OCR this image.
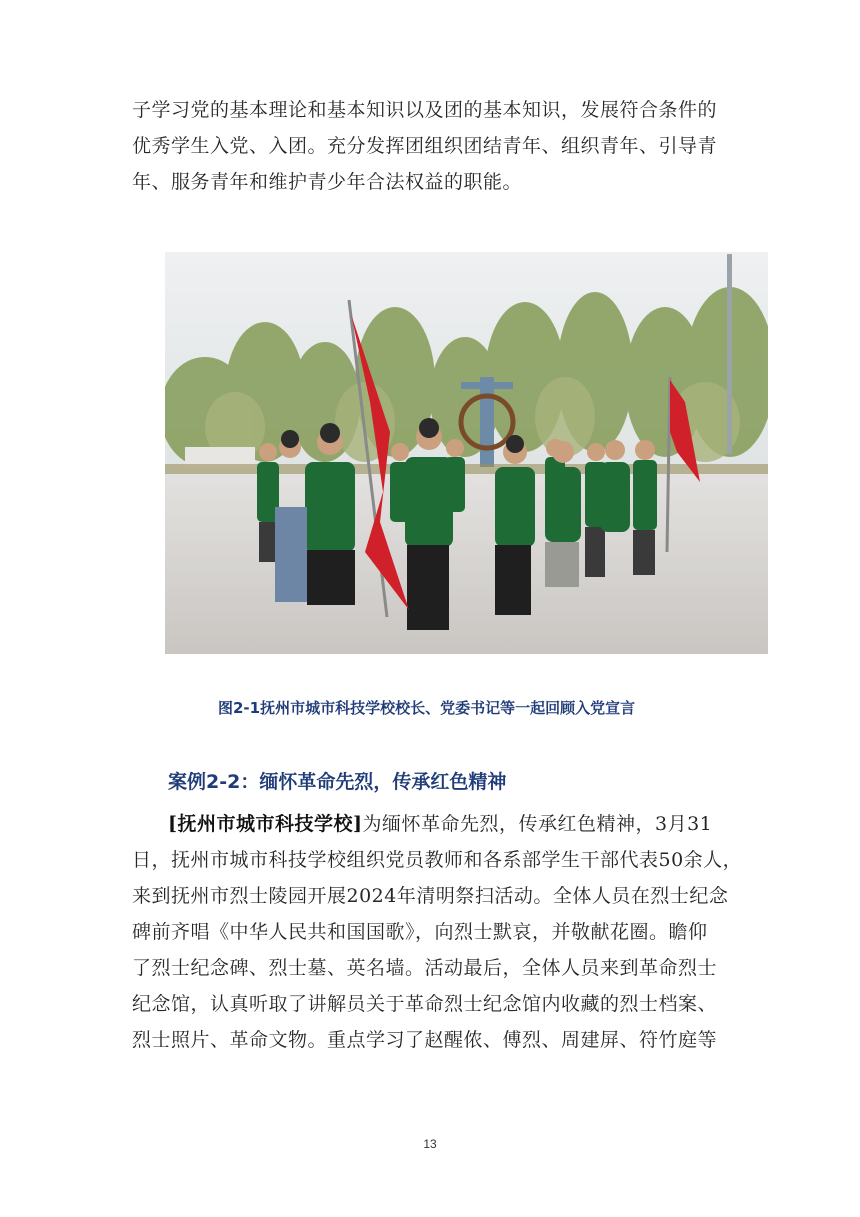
子学习党的基本理论和基本知识以及团的基本知识，发展符合条件的
优秀学生入党、入团。充分发挥团组织团结青年、组织青年、引导青
年、服务青年和维护青少年合法权益的职能。
图2-1抚州市城市科技学校校长、党委书记等一起回顾入党宣言
案例2-2：缅怀革命先烈，传承红色精神
[抚州市城市科技学校]为缅怀革命先烈，传承红色精神，3月31
日，抚州市城市科技学校组织党员教师和各系部学生干部代表50余人，
来到抚州市烈士陵园开展2024年清明祭扫活动。全体人员在烈士纪念
碑前齐唱《中华人民共和国国歌》，向烈士默哀，并敬献花圈。瞻仰
了烈士纪念碑、烈士墓、英名墙。活动最后，全体人员来到革命烈士
纪念馆，认真听取了讲解员关于革命烈士纪念馆内收藏的烈士档案、
烈士照片、革命文物。重点学习了赵醒侬、傅烈、周建屏、符竹庭等
13
